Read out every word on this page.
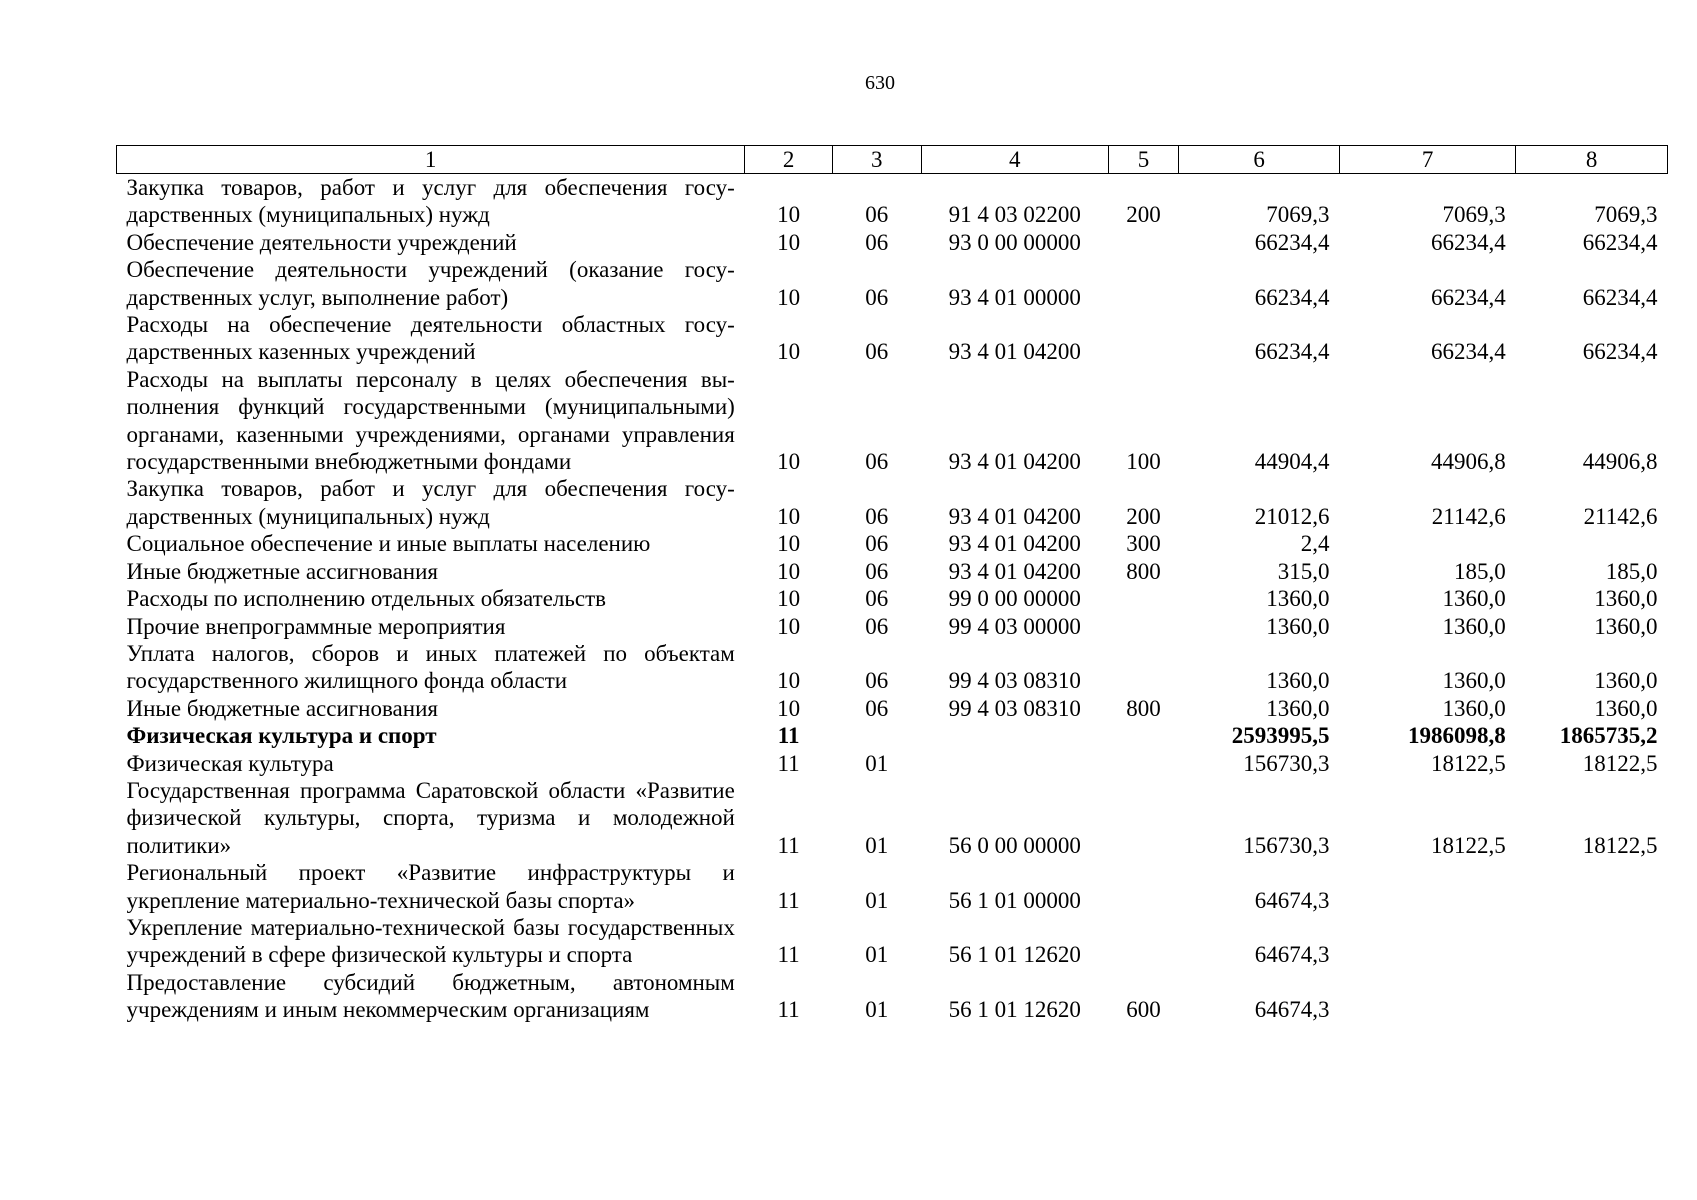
630
1	2	3	4	5	6	7	8
Закупка товаров, работ и услуг для обеспечения государственных (муниципальных) нужд	10	06	91 4 03 02200	200	7069,3	7069,3	7069,3
Обеспечение деятельности учреждений	10	06	93 0 00 00000		66234,4	66234,4	66234,4
Обеспечение деятельности учреждений (оказание государственных услуг, выполнение работ)	10	06	93 4 01 00000		66234,4	66234,4	66234,4
Расходы на обеспечение деятельности областных государственных казенных учреждений	10	06	93 4 01 04200		66234,4	66234,4	66234,4
Расходы на выплаты персоналу в целях обеспечения выполнения функций государственными (муниципальными) органами, казенными учреждениями, органами управления государственными внебюджетными фондами	10	06	93 4 01 04200	100	44904,4	44906,8	44906,8
Закупка товаров, работ и услуг для обеспечения государственных (муниципальных) нужд	10	06	93 4 01 04200	200	21012,6	21142,6	21142,6
Социальное обеспечение и иные выплаты населению	10	06	93 4 01 04200	300	2,4		
Иные бюджетные ассигнования	10	06	93 4 01 04200	800	315,0	185,0	185,0
Расходы по исполнению отдельных обязательств	10	06	99 0 00 00000		1360,0	1360,0	1360,0
Прочие внепрограммные мероприятия	10	06	99 4 03 00000		1360,0	1360,0	1360,0
Уплата налогов, сборов и иных платежей по объектам государственного жилищного фонда области	10	06	99 4 03 08310		1360,0	1360,0	1360,0
Иные бюджетные ассигнования	10	06	99 4 03 08310	800	1360,0	1360,0	1360,0
Физическая культура и спорт	11				2593995,5	1986098,8	1865735,2
Физическая культура	11	01			156730,3	18122,5	18122,5
Государственная программа Саратовской области «Развитие физической культуры, спорта, туризма и молодежной политики»	11	01	56 0 00 00000		156730,3	18122,5	18122,5
Региональный проект «Развитие инфраструктуры и укрепление материально-технической базы спорта»	11	01	56 1 01 00000		64674,3		
Укрепление материально-технической базы государственных учреждений в сфере физической культуры и спорта	11	01	56 1 01 12620		64674,3		
Предоставление субсидий бюджетным, автономным учреждениям и иным некоммерческим организациям	11	01	56 1 01 12620	600	64674,3		
